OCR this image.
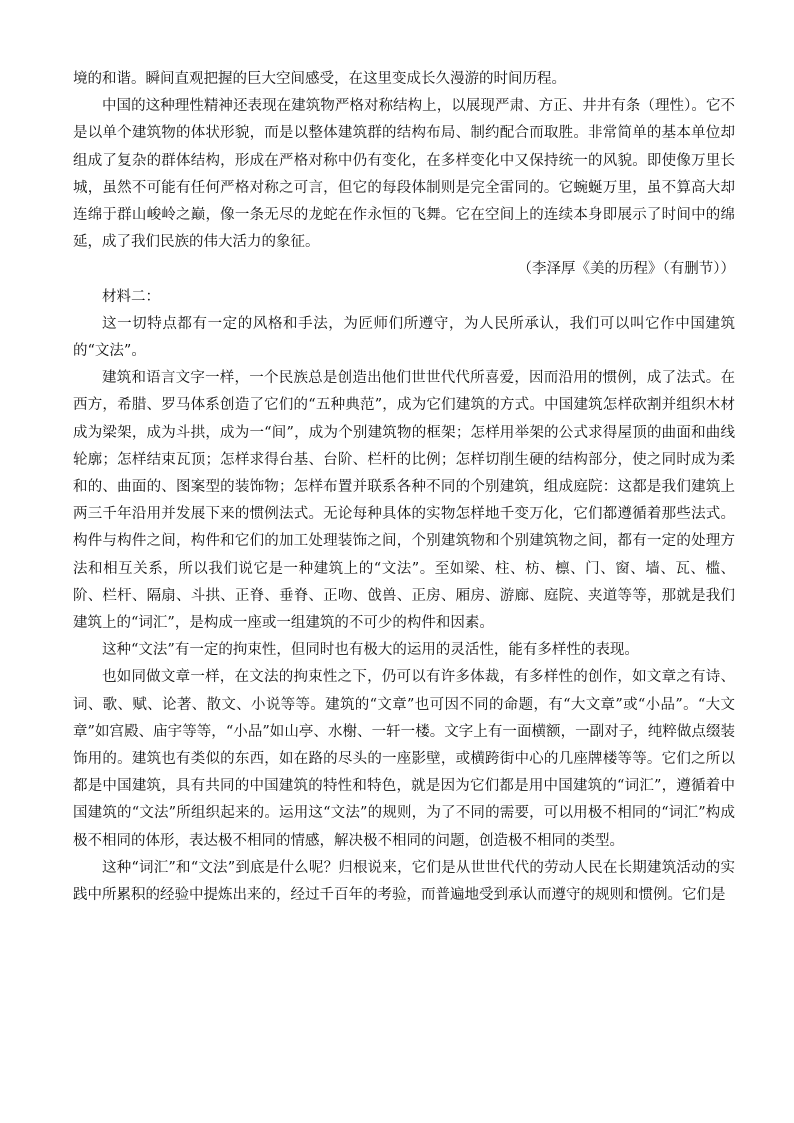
境的和谐。瞬间直观把握的巨大空间感受，在这里变成长久漫游的时间历程。

中国的这种理性精神还表现在建筑物严格对称结构上，以展现严肃、方正、井井有条（理性）。它不是以单个建筑物的体状形貌，而是以整体建筑群的结构布局、制约配合而取胜。非常简单的基本单位却组成了复杂的群体结构，形成在严格对称中仍有变化，在多样变化中又保持统一的风貌。即使像万里长城，虽然不可能有任何严格对称之可言，但它的每段体制则是完全雷同的。它蜿蜒万里，虽不算高大却连绵于群山峻岭之巅，像一条无尽的龙蛇在作永恒的飞舞。它在空间上的连续本身即展示了时间中的绵延，成了我们民族的伟大活力的象征。

（李泽厚《美的历程》（有删节））

材料二：

这一切特点都有一定的风格和手法，为匠师们所遵守，为人民所承认，我们可以叫它作中国建筑的“文法”。

建筑和语言文字一样，一个民族总是创造出他们世世代代所喜爱，因而沿用的惯例，成了法式。在西方，希腊、罗马体系创造了它们的“五种典范”，成为它们建筑的方式。中国建筑怎样砍割并组织木材成为梁架，成为斗拱，成为一“间”，成为个别建筑物的框架；怎样用举架的公式求得屋顶的曲面和曲线轮廓；怎样结束瓦顶；怎样求得台基、台阶、栏杆的比例；怎样切削生硬的结构部分，使之同时成为柔和的、曲面的、图案型的装饰物；怎样布置并联系各种不同的个别建筑，组成庭院：这都是我们建筑上两三千年沿用并发展下来的惯例法式。无论每种具体的实物怎样地千变万化，它们都遵循着那些法式。构件与构件之间，构件和它们的加工处理装饰之间，个别建筑物和个别建筑物之间，都有一定的处理方法和相互关系，所以我们说它是一种建筑上的“文法”。至如梁、柱、枋、檩、门、窗、墙、瓦、槛、阶、栏杆、隔扇、斗拱、正脊、垂脊、正吻、戗兽、正房、厢房、游廊、庭院、夹道等等，那就是我们建筑上的“词汇”，是构成一座或一组建筑的不可少的构件和因素。

这种“文法”有一定的拘束性，但同时也有极大的运用的灵活性，能有多样性的表现。

也如同做文章一样，在文法的拘束性之下，仍可以有许多体裁，有多样性的创作，如文章之有诗、词、歌、赋、论著、散文、小说等等。建筑的“文章”也可因不同的命题，有“大文章”或“小品”。“大文章”如宫殿、庙宇等等，“小品”如山亭、水榭、一轩一楼。文字上有一面横额，一副对子，纯粹做点缀装饰用的。建筑也有类似的东西，如在路的尽头的一座影壁，或横跨街中心的几座牌楼等等。它们之所以都是中国建筑，具有共同的中国建筑的特性和特色，就是因为它们都是用中国建筑的“词汇”，遵循着中国建筑的“文法”所组织起来的。运用这“文法”的规则，为了不同的需要，可以用极不相同的“词汇”构成极不相同的体形，表达极不相同的情感，解决极不相同的问题，创造极不相同的类型。

这种“词汇”和“文法”到底是什么呢？归根说来，它们是从世世代代的劳动人民在长期建筑活动的实践中所累积的经验中提炼出来的，经过千百年的考验，而普遍地受到承认而遵守的规则和惯例。它们是
